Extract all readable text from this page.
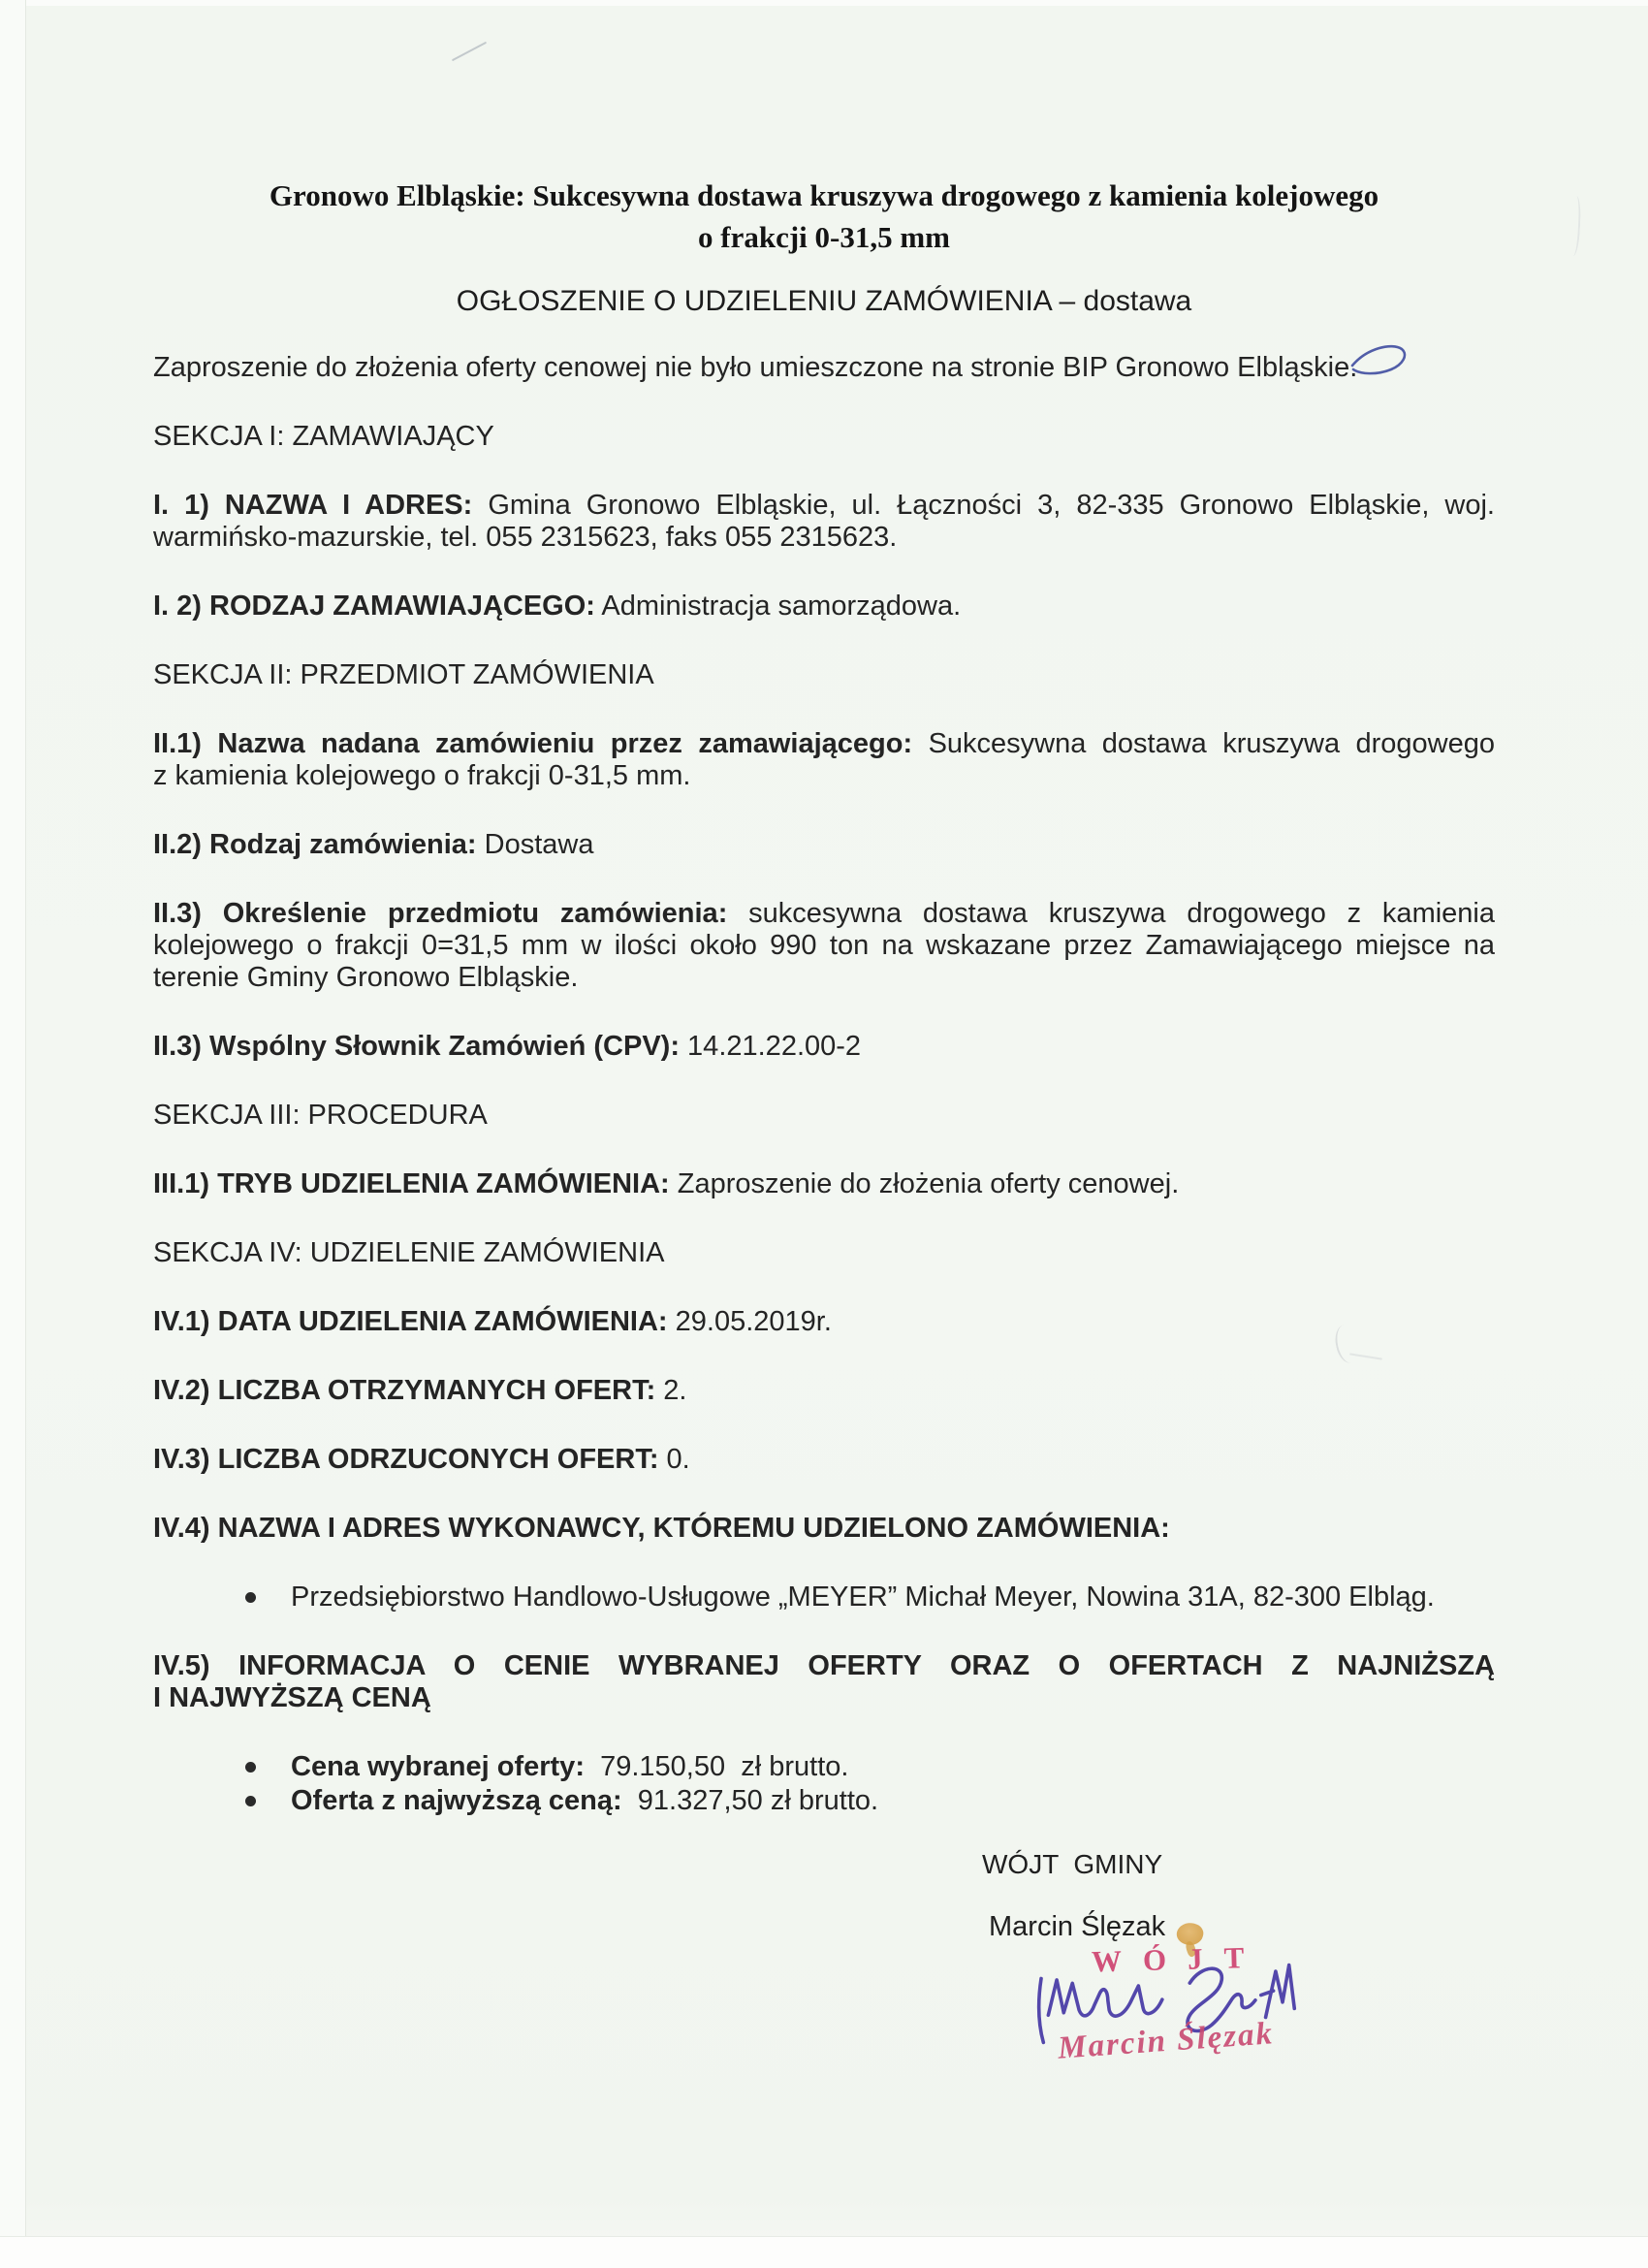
Gronowo Elbląskie: Sukcesywna dostawa kruszywa drogowego z kamienia kolejowego
o frakcji 0-31,5 mm
OGŁOSZENIE O UDZIELENIU ZAMÓWIENIA – dostawa
Zaproszenie do złożenia oferty cenowej nie było umieszczone na stronie BIP Gronowo Elbląskie.
SEKCJA I: ZAMAWIAJĄCY
I. 1) NAZWA I ADRES: Gmina Gronowo Elbląskie, ul. Łączności 3, 82-335 Gronowo Elbląskie, woj.
warmińsko-mazurskie, tel. 055 2315623, faks 055 2315623.
I. 2) RODZAJ ZAMAWIAJĄCEGO: Administracja samorządowa.
SEKCJA II: PRZEDMIOT ZAMÓWIENIA
II.1) Nazwa nadana zamówieniu przez zamawiającego: Sukcesywna dostawa kruszywa drogowego
z kamienia kolejowego o frakcji 0-31,5 mm.
II.2) Rodzaj zamówienia: Dostawa
II.3) Określenie przedmiotu zamówienia: sukcesywna dostawa kruszywa drogowego z kamienia
kolejowego o frakcji 0=31,5 mm w ilości około 990 ton na wskazane przez Zamawiającego miejsce na
terenie Gminy Gronowo Elbląskie.
II.3) Wspólny Słownik Zamówień (CPV): 14.21.22.00-2
SEKCJA III: PROCEDURA
III.1) TRYB UDZIELENIA ZAMÓWIENIA: Zaproszenie do złożenia oferty cenowej.
SEKCJA IV: UDZIELENIE ZAMÓWIENIA
IV.1) DATA UDZIELENIA ZAMÓWIENIA: 29.05.2019r.
IV.2) LICZBA OTRZYMANYCH OFERT: 2.
IV.3) LICZBA ODRZUCONYCH OFERT: 0.
IV.4) NAZWA I ADRES WYKONAWCY, KTÓREMU UDZIELONO ZAMÓWIENIA:
Przedsiębiorstwo Handlowo-Usługowe „MEYER” Michał Meyer, Nowina 31A, 82-300 Elbląg.
IV.5) INFORMACJA O CENIE WYBRANEJ OFERTY ORAZ O OFERTACH Z NAJNIŻSZĄ
I NAJWYŻSZĄ CENĄ
Cena wybranej oferty:  79.150,50  zł brutto.
Oferta z najwyższą ceną:  91.327,50 zł brutto.
WÓJT  GMINY
Marcin Ślęzak
WÓJT
Marcin Ślęzak
